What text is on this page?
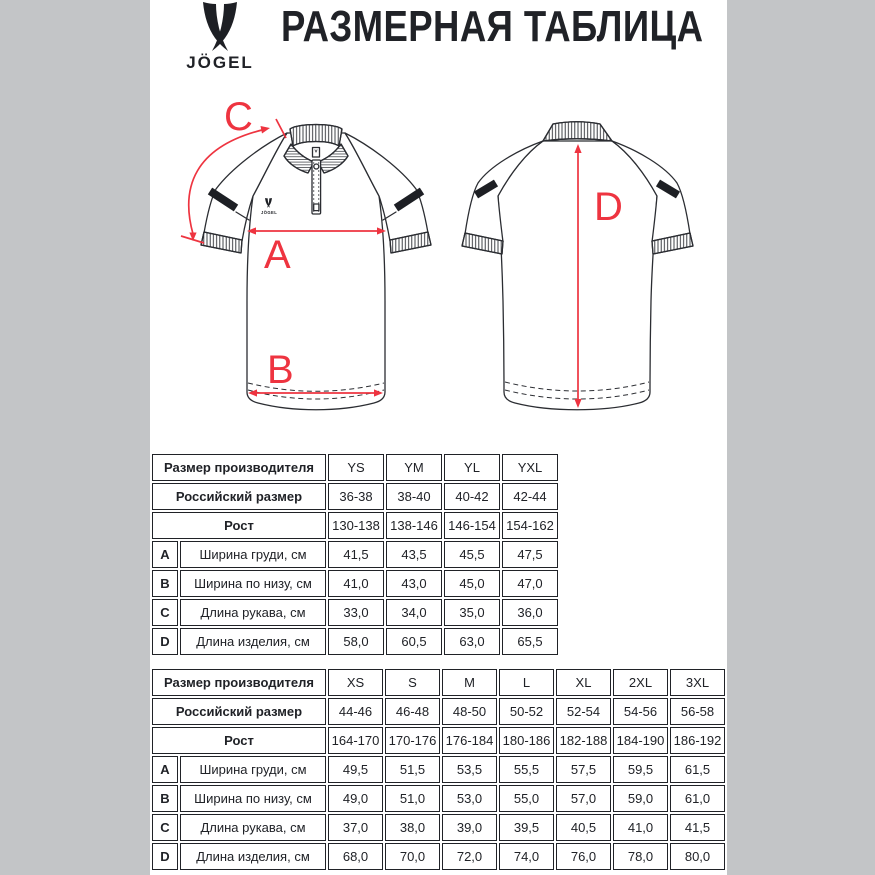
JÖGEL
РАЗМЕРНАЯ ТАБЛИЦА
JÖGEL
A
B
C
D
Размер производителя		YS	YM	YL	YXL
Российский размер		36-38	38-40	40-42	42-44
Рост		130-138	138-146	146-154	154-162
A	Ширина груди, см	41,5	43,5	45,5	47,5
B	Ширина по низу, см	41,0	43,0	45,0	47,0
C	Длина рукава, см	33,0	34,0	35,0	36,0
D	Длина изделия, см	58,0	60,5	63,0	65,5
Размер производителя		XS	S	M	L	XL	2XL	3XL
Российский размер		44-46	46-48	48-50	50-52	52-54	54-56	56-58
Рост		164-170	170-176	176-184	180-186	182-188	184-190	186-192
A	Ширина груди, см	49,5	51,5	53,5	55,5	57,5	59,5	61,5
B	Ширина по низу, см	49,0	51,0	53,0	55,0	57,0	59,0	61,0
C	Длина рукава, см	37,0	38,0	39,0	39,5	40,5	41,0	41,5
D	Длина изделия, см	68,0	70,0	72,0	74,0	76,0	78,0	80,0
